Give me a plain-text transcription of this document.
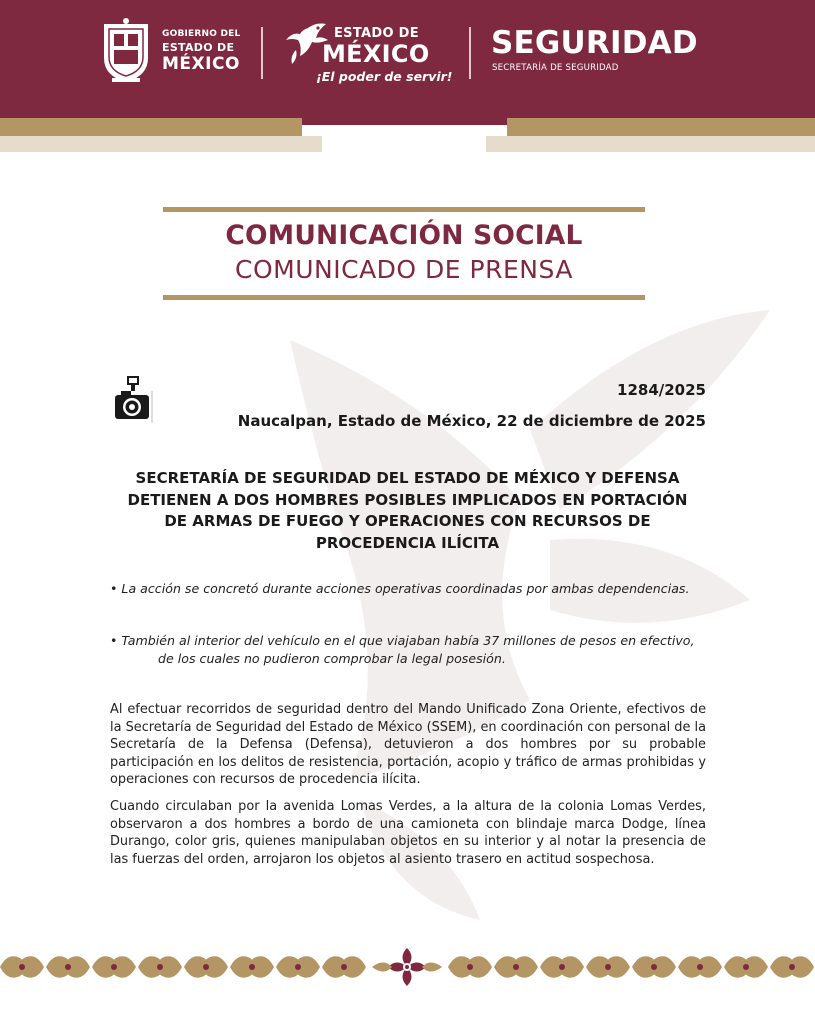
GOBIERNO DEL
ESTADO DE
MÉXICO
ESTADO DE
MÉXICO
¡El poder de servir!
SEGURIDAD
SECRETARÍA DE SEGURIDAD
COMUNICACIÓN SOCIAL
COMUNICADO DE PRENSA
1284/2025
Naucalpan, Estado de México, 22 de diciembre de 2025
SECRETARÍA DE SEGURIDAD DEL ESTADO DE MÉXICO Y DEFENSA
DETIENEN A DOS HOMBRES POSIBLES IMPLICADOS EN PORTACIÓN
DE ARMAS DE FUEGO Y OPERACIONES CON RECURSOS DE
PROCEDENCIA ILÍCITA
• La acción se concretó durante acciones operativas coordinadas por ambas dependencias.
• También al interior del vehículo en el que viajaban había 37 millones de pesos en efectivo,
de los cuales no pudieron comprobar la legal posesión.
Al efectuar recorridos de seguridad dentro del Mando Unificado Zona Oriente, efectivos de la Secretaría de Seguridad del Estado de México (SSEM), en coordinación con personal de la Secretaría de la Defensa (Defensa), detuvieron a dos hombres por su probable participación en los delitos de resistencia, portación, acopio y tráfico de armas prohibidas y operaciones con recursos de procedencia ilícita.
Cuando circulaban por la avenida Lomas Verdes, a la altura de la colonia Lomas Verdes, observaron a dos hombres a bordo de una camioneta con blindaje marca Dodge, línea Durango, color gris, quienes manipulaban objetos en su interior y al notar la presencia de las fuerzas del orden, arrojaron los objetos al asiento trasero en actitud sospechosa.
